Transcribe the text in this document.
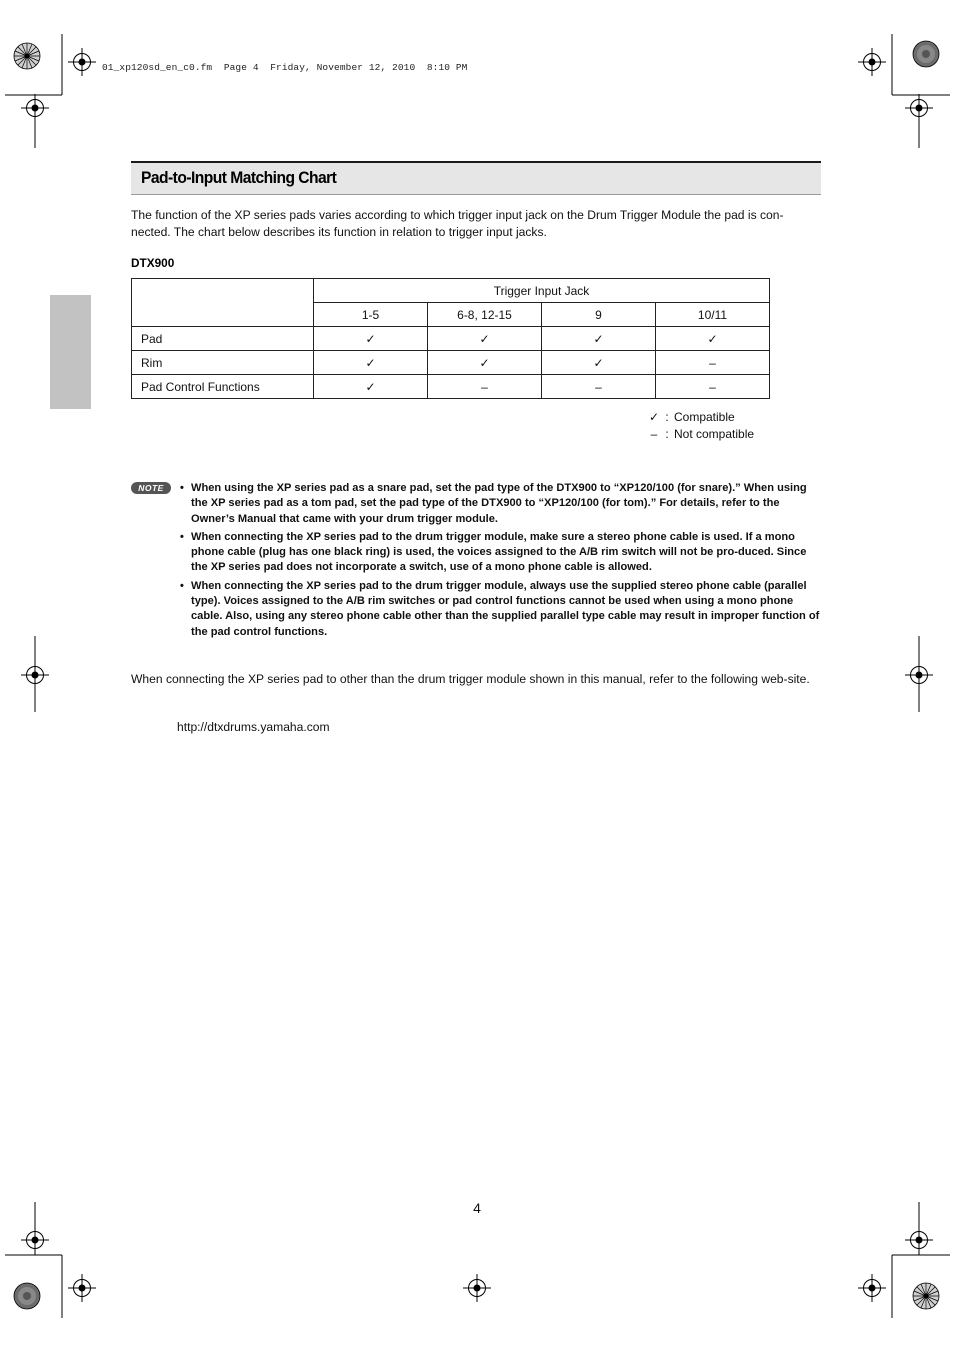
01_xp120sd_en_c0.fm  Page 4  Friday, November 12, 2010  8:10 PM
Pad-to-Input Matching Chart

The function of the XP series pads varies according to which trigger input jack on the Drum Trigger Module the pad is con-nected. The chart below describes its function in relation to trigger input jacks.

DTX900
	Trigger Input Jack			
	1-5	6-8, 12-15	9	10/11
Pad	✓	✓	✓	✓
Rim	✓	✓	✓	–
Pad Control Functions	✓	–	–	–
✓ : Compatible
– : Not compatible
NOTE	• When using the XP series pad as a snare pad, set the pad type of the DTX900 to “XP120/100 (for snare).” When using the XP series pad as a tom pad, set the pad type of the DTX900 to “XP120/100 (for tom).” For details, refer to the Owner’s Manual that came with your drum trigger module.
• When connecting the XP series pad to the drum trigger module, make sure a stereo phone cable is used. If a mono phone cable (plug has one black ring) is used, the voices assigned to the A/B rim switch will not be pro-duced. Since the XP series pad does not incorporate a switch, use of a mono phone cable is allowed.
• When connecting the XP series pad to the drum trigger module, always use the supplied stereo phone cable (parallel type). Voices assigned to the A/B rim switches or pad control functions cannot be used when using a mono phone cable. Also, using any stereo phone cable other than the supplied parallel type cable may result in improper function of the pad control functions.

When connecting the XP series pad to other than the drum trigger module shown in this manual, refer to the following web-site.

http://dtxdrums.yamaha.com
4
